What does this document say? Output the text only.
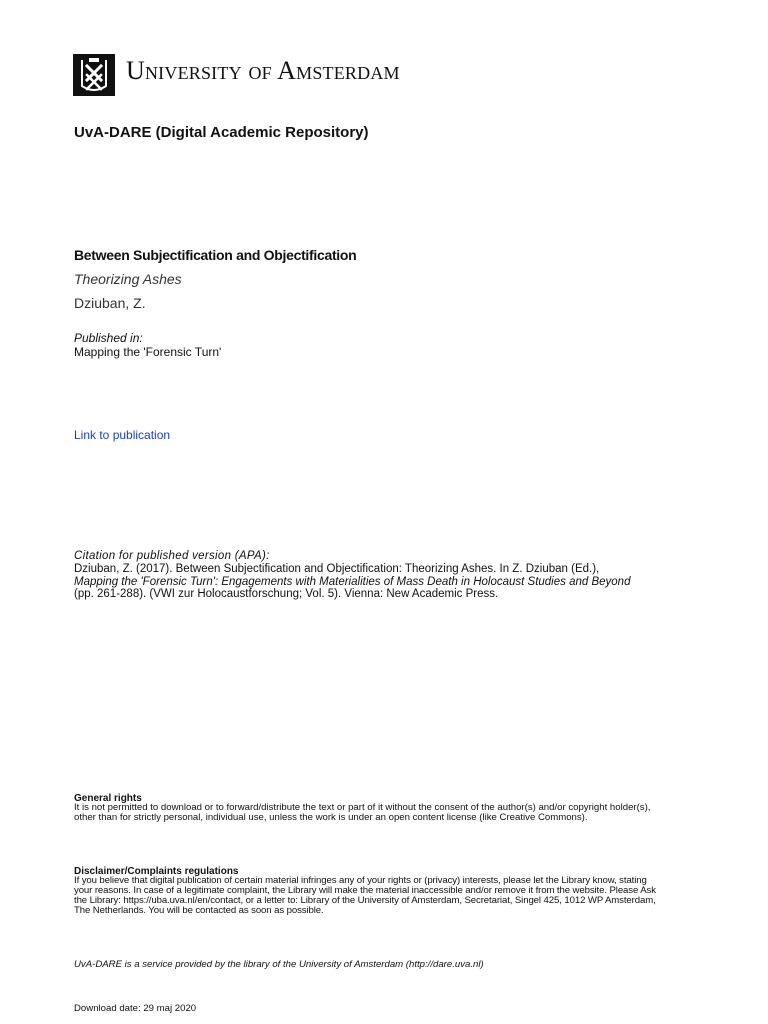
University of Amsterdam
UvA-DARE (Digital Academic Repository)
Between Subjectification and Objectification
Theorizing Ashes
Dziuban, Z.
Published in:
Mapping the 'Forensic Turn'
Link to publication
Citation for published version (APA):
Dziuban, Z. (2017). Between Subjectification and Objectification: Theorizing Ashes. In Z. Dziuban (Ed.),
Mapping the 'Forensic Turn': Engagements with Materialities of Mass Death in Holocaust Studies and Beyond
(pp. 261-288). (VWI zur Holocaustforschung; Vol. 5). Vienna: New Academic Press.
General rights
It is not permitted to download or to forward/distribute the text or part of it without the consent of the author(s) and/or copyright holder(s),
other than for strictly personal, individual use, unless the work is under an open content license (like Creative Commons).
Disclaimer/Complaints regulations
If you believe that digital publication of certain material infringes any of your rights or (privacy) interests, please let the Library know, stating
your reasons. In case of a legitimate complaint, the Library will make the material inaccessible and/or remove it from the website. Please Ask
the Library: https://uba.uva.nl/en/contact, or a letter to: Library of the University of Amsterdam, Secretariat, Singel 425, 1012 WP Amsterdam,
The Netherlands. You will be contacted as soon as possible.
UvA-DARE is a service provided by the library of the University of Amsterdam (http://dare.uva.nl)
Download date: 29 maj 2020
